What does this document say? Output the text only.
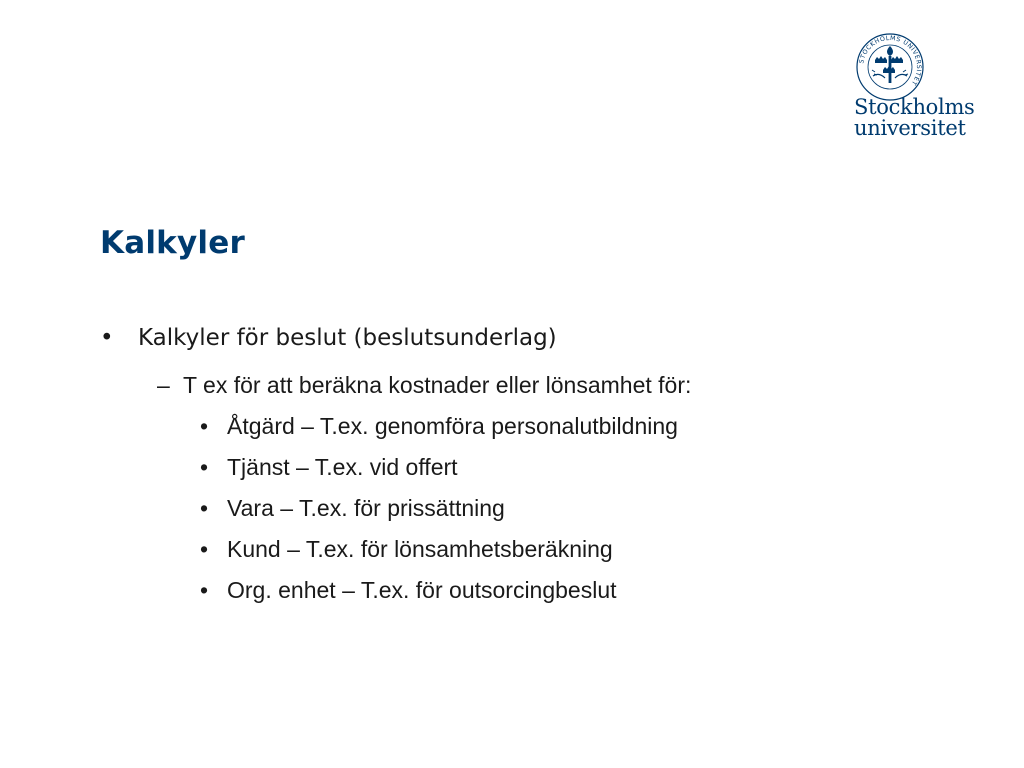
STOCKHOLMS UNIVERSITET
Stockholms
universitet
Kalkyler
• Kalkyler för beslut (beslutsunderlag)
– T ex för att beräkna kostnader eller lönsamhet för:
• Åtgärd – T.ex. genomföra personalutbildning
• Tjänst – T.ex. vid offert
• Vara – T.ex. för prissättning
• Kund – T.ex. för lönsamhetsberäkning
• Org. enhet – T.ex. för outsorcingbeslut
